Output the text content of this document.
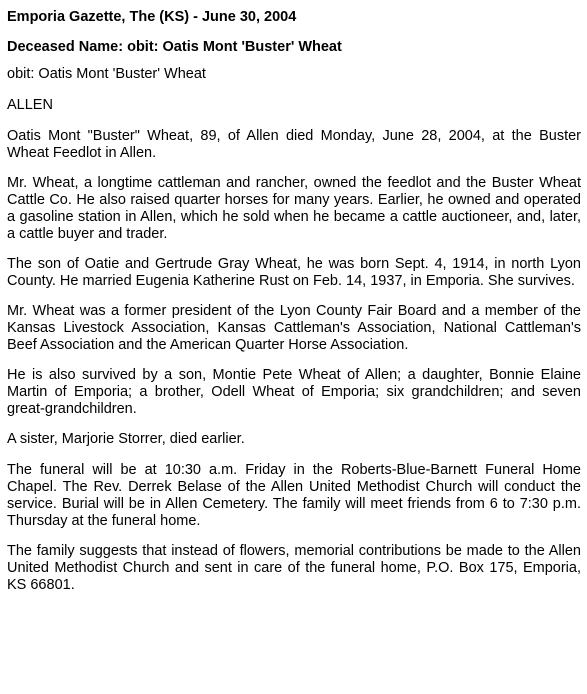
Emporia Gazette, The (KS) - June 30, 2004
Deceased Name: obit: Oatis Mont 'Buster' Wheat

obit: Oatis Mont 'Buster' Wheat

ALLEN

Oatis Mont "Buster" Wheat, 89, of Allen died Monday, June 28, 2004, at the Buster Wheat Feedlot in Allen.

Mr. Wheat, a longtime cattleman and rancher, owned the feedlot and the Buster Wheat Cattle Co. He also raised quarter horses for many years. Earlier, he owned and operated a gasoline station in Allen, which he sold when he became a cattle auctioneer, and, later, a cattle buyer and trader.

The son of Oatie and Gertrude Gray Wheat, he was born Sept. 4, 1914, in north Lyon County. He married Eugenia Katherine Rust on Feb. 14, 1937, in Emporia. She survives.

Mr. Wheat was a former president of the Lyon County Fair Board and a member of the Kansas Livestock Association, Kansas Cattleman's Association, National Cattleman's Beef Association and the American Quarter Horse Association.

He is also survived by a son, Montie Pete Wheat of Allen; a daughter, Bonnie Elaine Martin of Emporia; a brother, Odell Wheat of Emporia; six grandchildren; and seven great-grandchildren.

A sister, Marjorie Storrer, died earlier.

The funeral will be at 10:30 a.m. Friday in the Roberts-Blue-Barnett Funeral Home Chapel. The Rev. Derrek Belase of the Allen United Methodist Church will conduct the service. Burial will be in Allen Cemetery. The family will meet friends from 6 to 7:30 p.m. Thursday at the funeral home.

The family suggests that instead of flowers, memorial contributions be made to the Allen United Methodist Church and sent in care of the funeral home, P.O. Box 175, Emporia, KS 66801.
